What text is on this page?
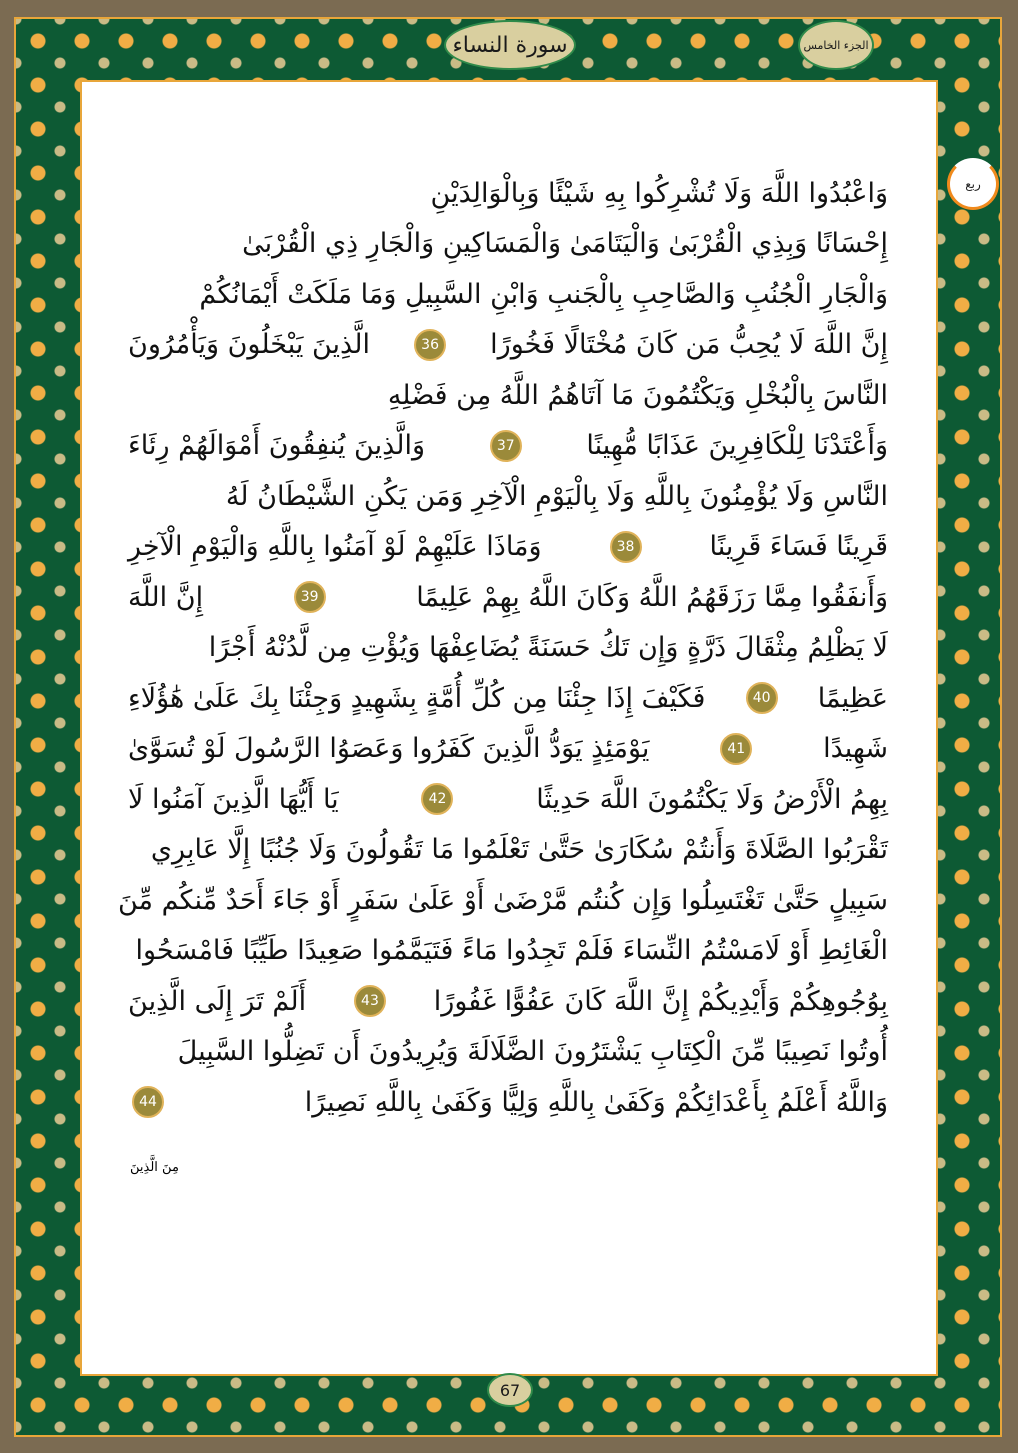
سورة النساء	الجزء الخامس
ربع
وَاعْبُدُوا اللَّهَ وَلَا تُشْرِكُوا بِهِ شَيْئًا وَبِالْوَالِدَيْنِ
إِحْسَانًا وَبِذِي الْقُرْبَىٰ وَالْيَتَامَىٰ وَالْمَسَاكِينِ وَالْجَارِ ذِي الْقُرْبَىٰ
وَالْجَارِ الْجُنُبِ وَالصَّاحِبِ بِالْجَنبِ وَابْنِ السَّبِيلِ وَمَا مَلَكَتْ أَيْمَانُكُمْ
إِنَّ اللَّهَ لَا يُحِبُّ مَن كَانَ مُخْتَالًا فَخُورًا
36
الَّذِينَ يَبْخَلُونَ وَيَأْمُرُونَ
النَّاسَ بِالْبُخْلِ وَيَكْتُمُونَ مَا آتَاهُمُ اللَّهُ مِن فَضْلِهِ
وَأَعْتَدْنَا لِلْكَافِرِينَ عَذَابًا مُّهِينًا
37
وَالَّذِينَ يُنفِقُونَ أَمْوَالَهُمْ رِئَاءَ
النَّاسِ وَلَا يُؤْمِنُونَ بِاللَّهِ وَلَا بِالْيَوْمِ الْآخِرِ وَمَن يَكُنِ الشَّيْطَانُ لَهُ
قَرِينًا فَسَاءَ قَرِينًا
38
وَمَاذَا عَلَيْهِمْ لَوْ آمَنُوا بِاللَّهِ وَالْيَوْمِ الْآخِرِ
وَأَنفَقُوا مِمَّا رَزَقَهُمُ اللَّهُ وَكَانَ اللَّهُ بِهِمْ عَلِيمًا
39
إِنَّ اللَّهَ
لَا يَظْلِمُ مِثْقَالَ ذَرَّةٍ وَإِن تَكُ حَسَنَةً يُضَاعِفْهَا وَيُؤْتِ مِن لَّدُنْهُ أَجْرًا
عَظِيمًا
40
فَكَيْفَ إِذَا جِئْنَا مِن كُلِّ أُمَّةٍ بِشَهِيدٍ وَجِئْنَا بِكَ عَلَىٰ هَٰؤُلَاءِ
شَهِيدًا
41
يَوْمَئِذٍ يَوَدُّ الَّذِينَ كَفَرُوا وَعَصَوُا الرَّسُولَ لَوْ تُسَوَّىٰ
بِهِمُ الْأَرْضُ وَلَا يَكْتُمُونَ اللَّهَ حَدِيثًا
42
يَا أَيُّهَا الَّذِينَ آمَنُوا لَا
تَقْرَبُوا الصَّلَاةَ وَأَنتُمْ سُكَارَىٰ حَتَّىٰ تَعْلَمُوا مَا تَقُولُونَ وَلَا جُنُبًا إِلَّا عَابِرِي
سَبِيلٍ حَتَّىٰ تَغْتَسِلُوا وَإِن كُنتُم مَّرْضَىٰ أَوْ عَلَىٰ سَفَرٍ أَوْ جَاءَ أَحَدٌ مِّنكُم مِّنَ
الْغَائِطِ أَوْ لَامَسْتُمُ النِّسَاءَ فَلَمْ تَجِدُوا مَاءً فَتَيَمَّمُوا صَعِيدًا طَيِّبًا فَامْسَحُوا
بِوُجُوهِكُمْ وَأَيْدِيكُمْ إِنَّ اللَّهَ كَانَ عَفُوًّا غَفُورًا
43
أَلَمْ تَرَ إِلَى الَّذِينَ
أُوتُوا نَصِيبًا مِّنَ الْكِتَابِ يَشْتَرُونَ الضَّلَالَةَ وَيُرِيدُونَ أَن تَضِلُّوا السَّبِيلَ
وَاللَّهُ أَعْلَمُ بِأَعْدَائِكُمْ وَكَفَىٰ بِاللَّهِ وَلِيًّا وَكَفَىٰ بِاللَّهِ نَصِيرًا
44
مِنَ الَّذِينَ
67
